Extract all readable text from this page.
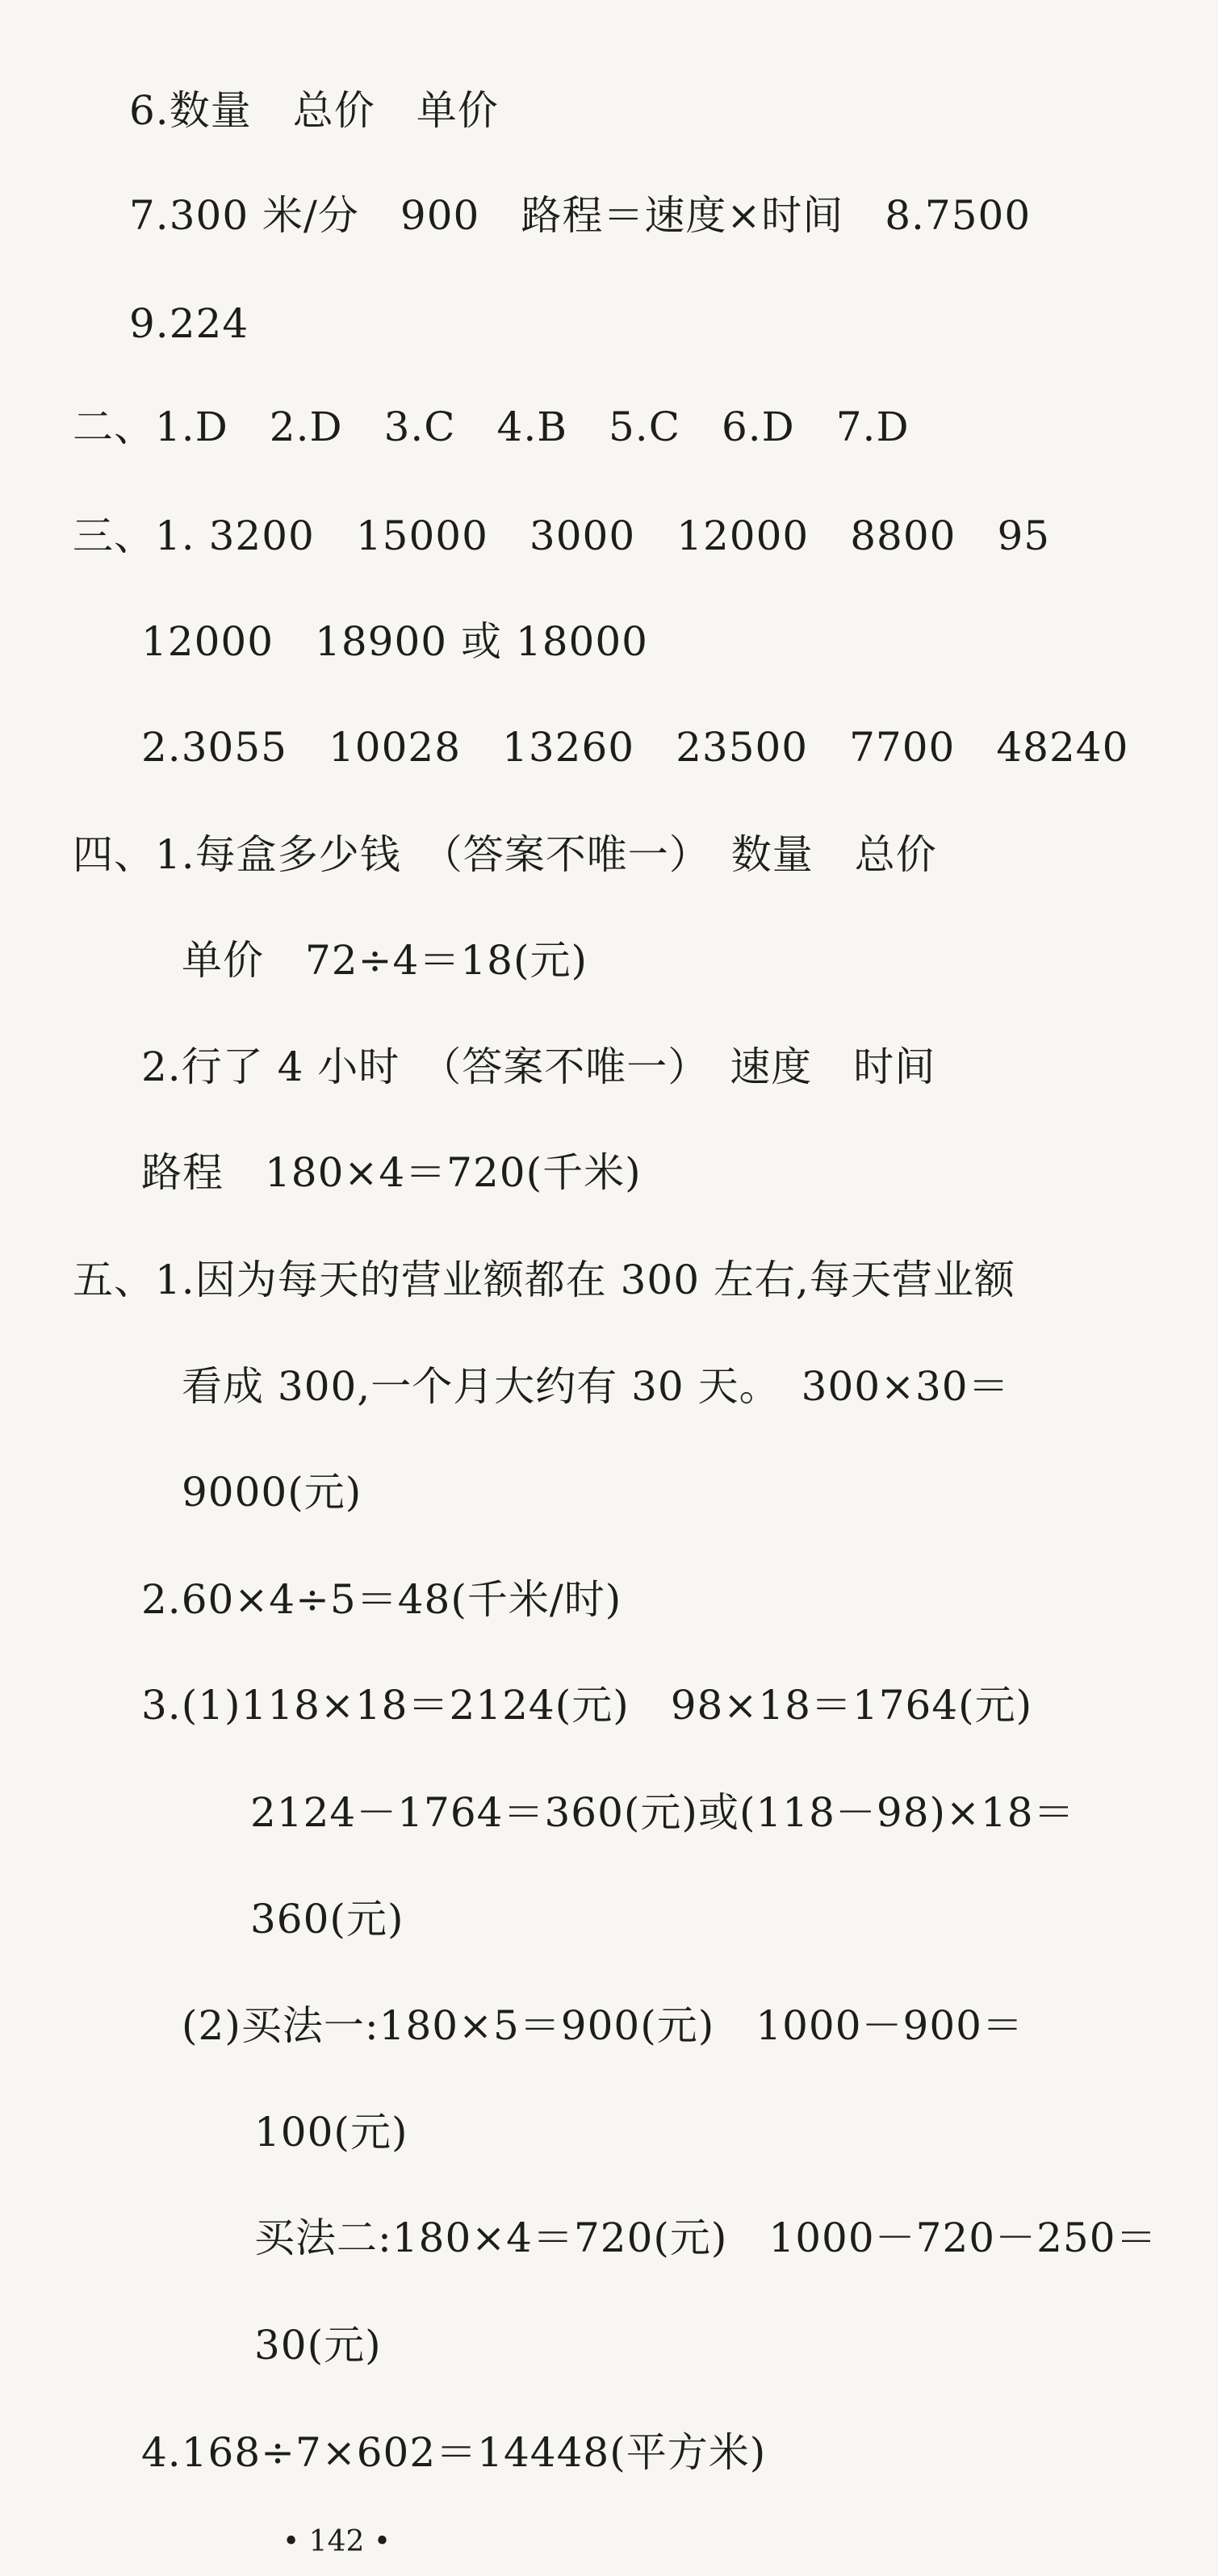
6.数量　总价　单价
7.300 米/分　900　路程＝速度×时间　8.7500
9.224
二、1.D　2.D　3.C　4.B　5.C　6.D　7.D
三、1. 3200　15000　3000　12000　8800　95
12000　18900 或 18000
2.3055　10028　13260　23500　7700　48240
四、1.每盒多少钱　（答案不唯一）　数量　总价
单价　72÷4＝18(元)
2.行了 4 小时　（答案不唯一）　速度　时间
路程　180×4＝720(千米)
五、1.因为每天的营业额都在 300 左右,每天营业额
看成 300,一个月大约有 30 天。　300×30＝
9000(元)
2.60×4÷5＝48(千米/时)
3.(1)118×18＝2124(元)　98×18＝1764(元)
2124－1764＝360(元)或(118－98)×18＝
360(元)
(2)买法一:180×5＝900(元)　1000－900＝
100(元)
买法二:180×4＝720(元)　1000－720－250＝
30(元)
4.168÷7×602＝14448(平方米)
• 142 •
